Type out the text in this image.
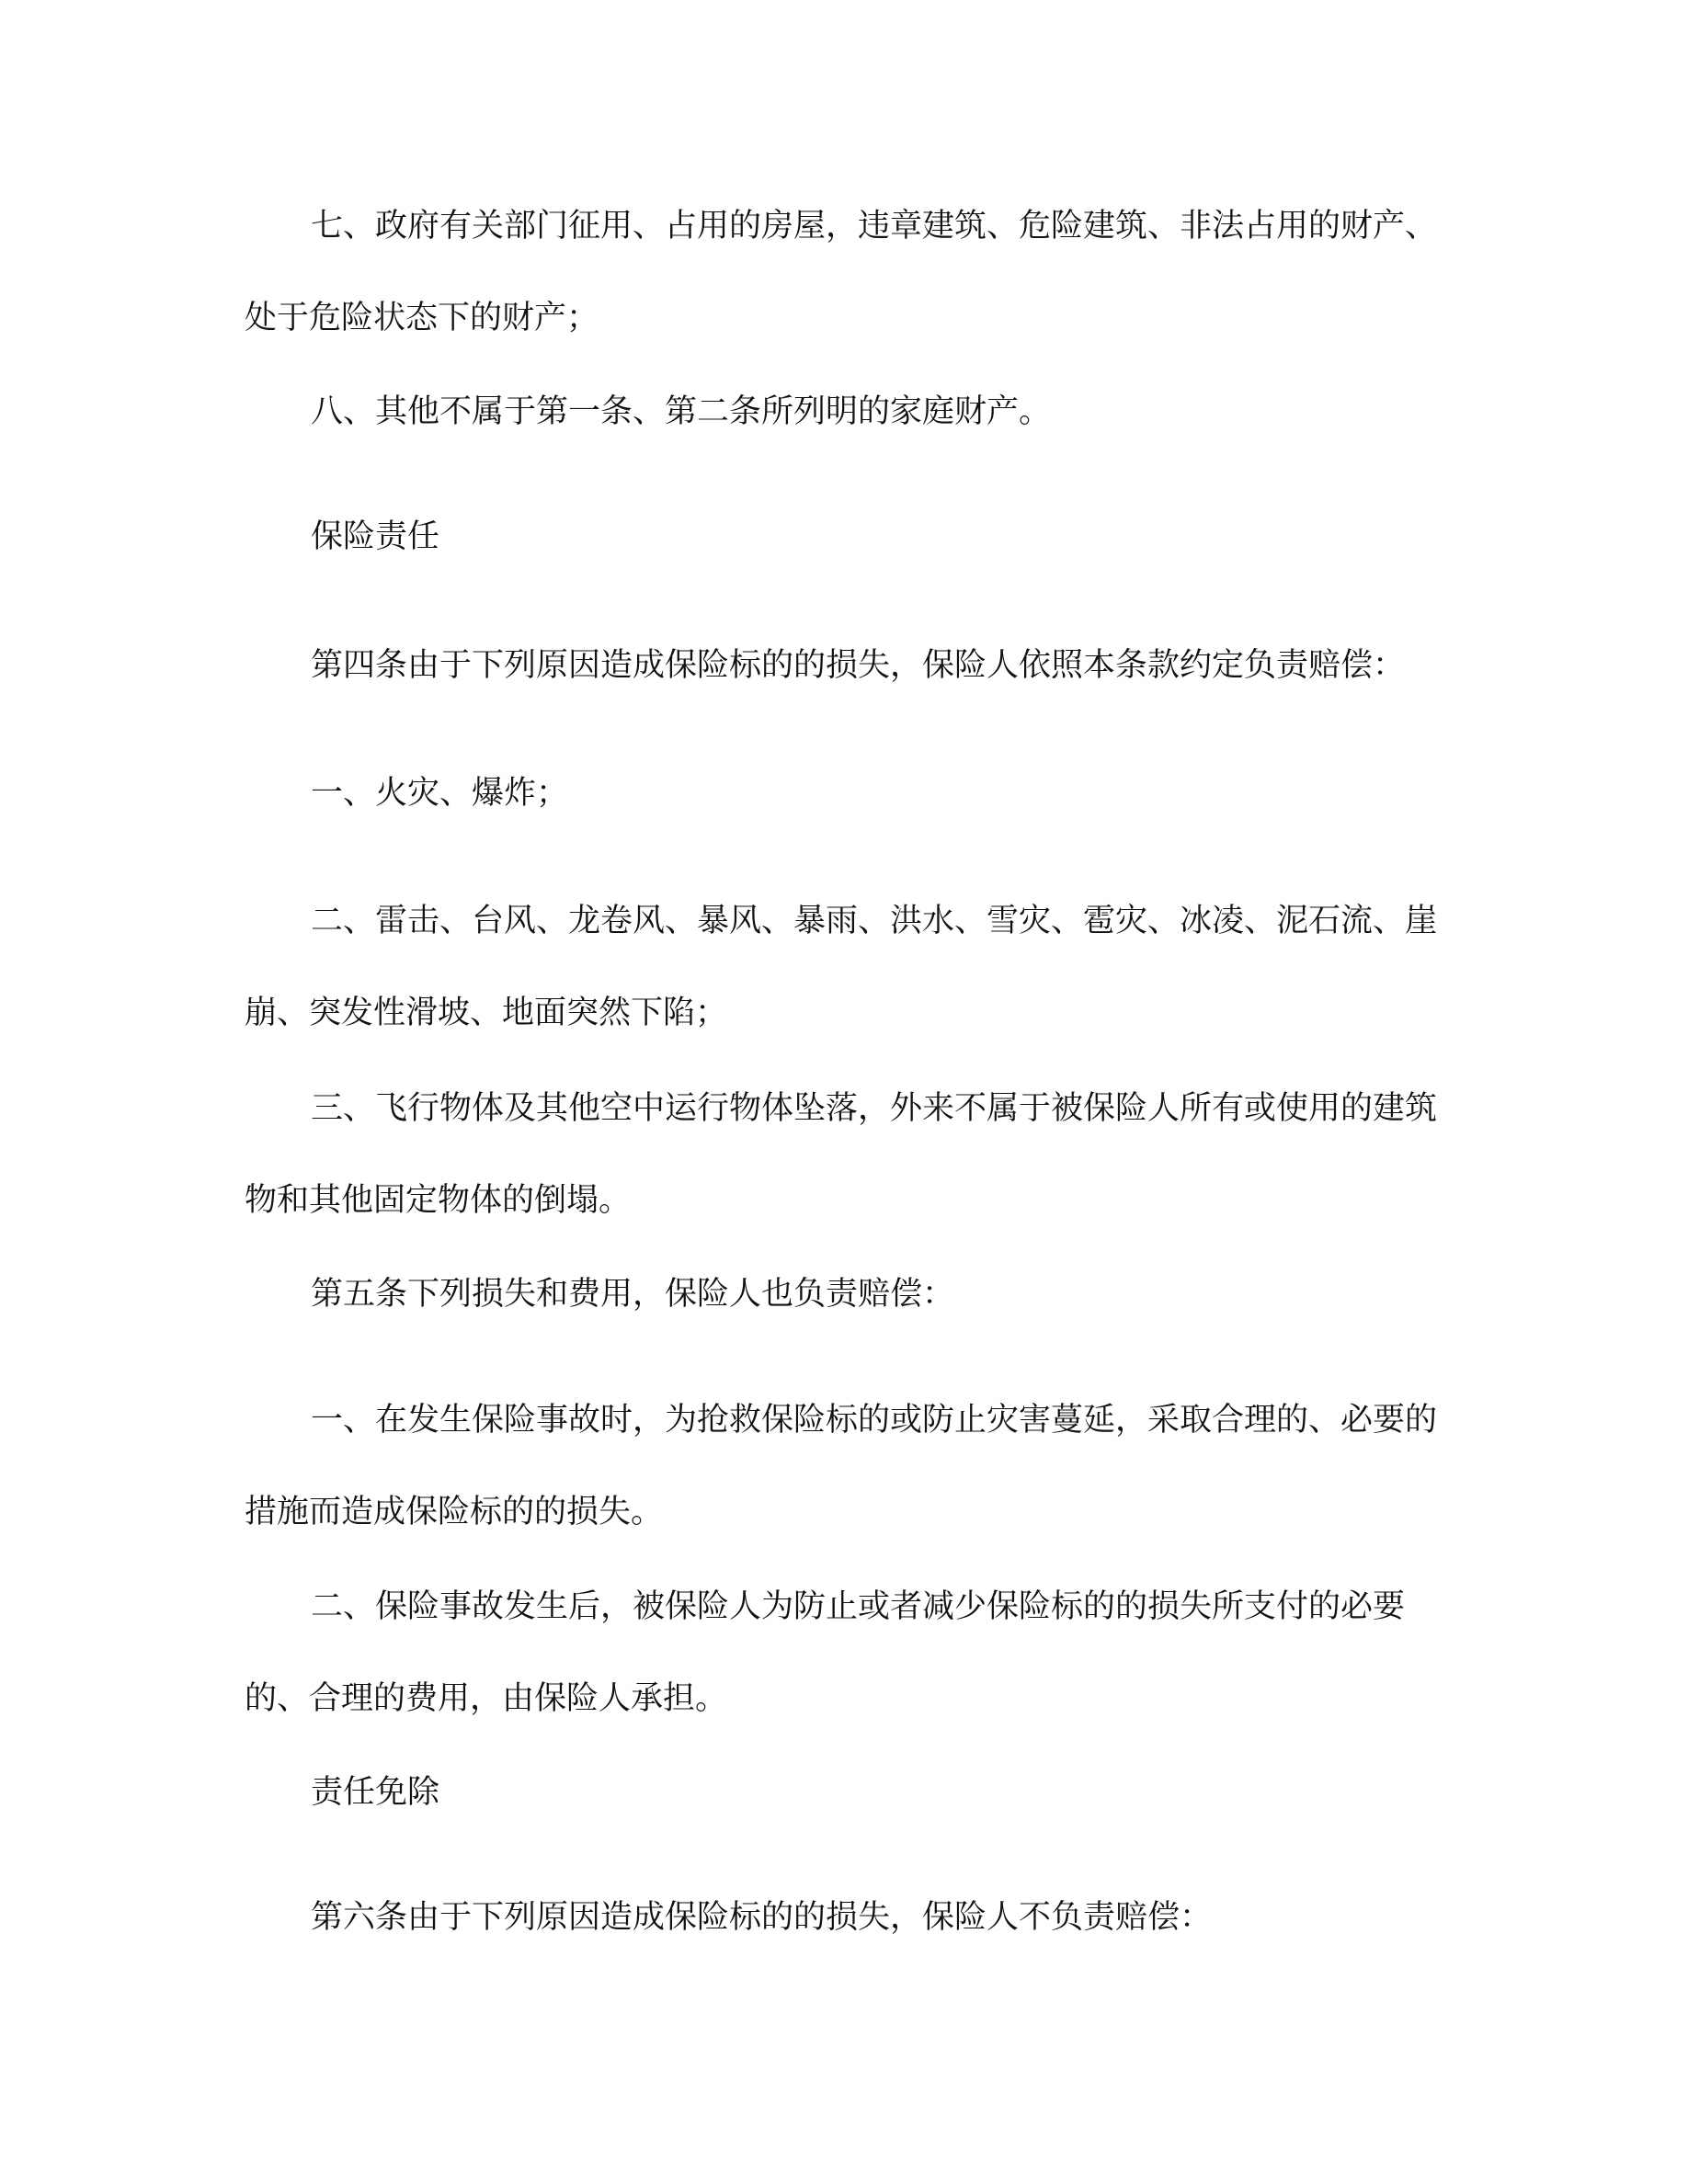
七、政府有关部门征用、占用的房屋，违章建筑、危险建筑、非法占用的财产、处于危险状态下的财产；

八、其他不属于第一条、第二条所列明的家庭财产。

保险责任

第四条由于下列原因造成保险标的的损失，保险人依照本条款约定负责赔偿：

一、火灾、爆炸；

二、雷击、台风、龙卷风、暴风、暴雨、洪水、雪灾、雹灾、冰凌、泥石流、崖崩、突发性滑坡、地面突然下陷；

三、飞行物体及其他空中运行物体坠落，外来不属于被保险人所有或使用的建筑物和其他固定物体的倒塌。

第五条下列损失和费用，保险人也负责赔偿：

一、在发生保险事故时，为抢救保险标的或防止灾害蔓延，采取合理的、必要的措施而造成保险标的的损失。

二、保险事故发生后，被保险人为防止或者减少保险标的的损失所支付的必要的、合理的费用，由保险人承担。

责任免除

第六条由于下列原因造成保险标的的损失，保险人不负责赔偿：
